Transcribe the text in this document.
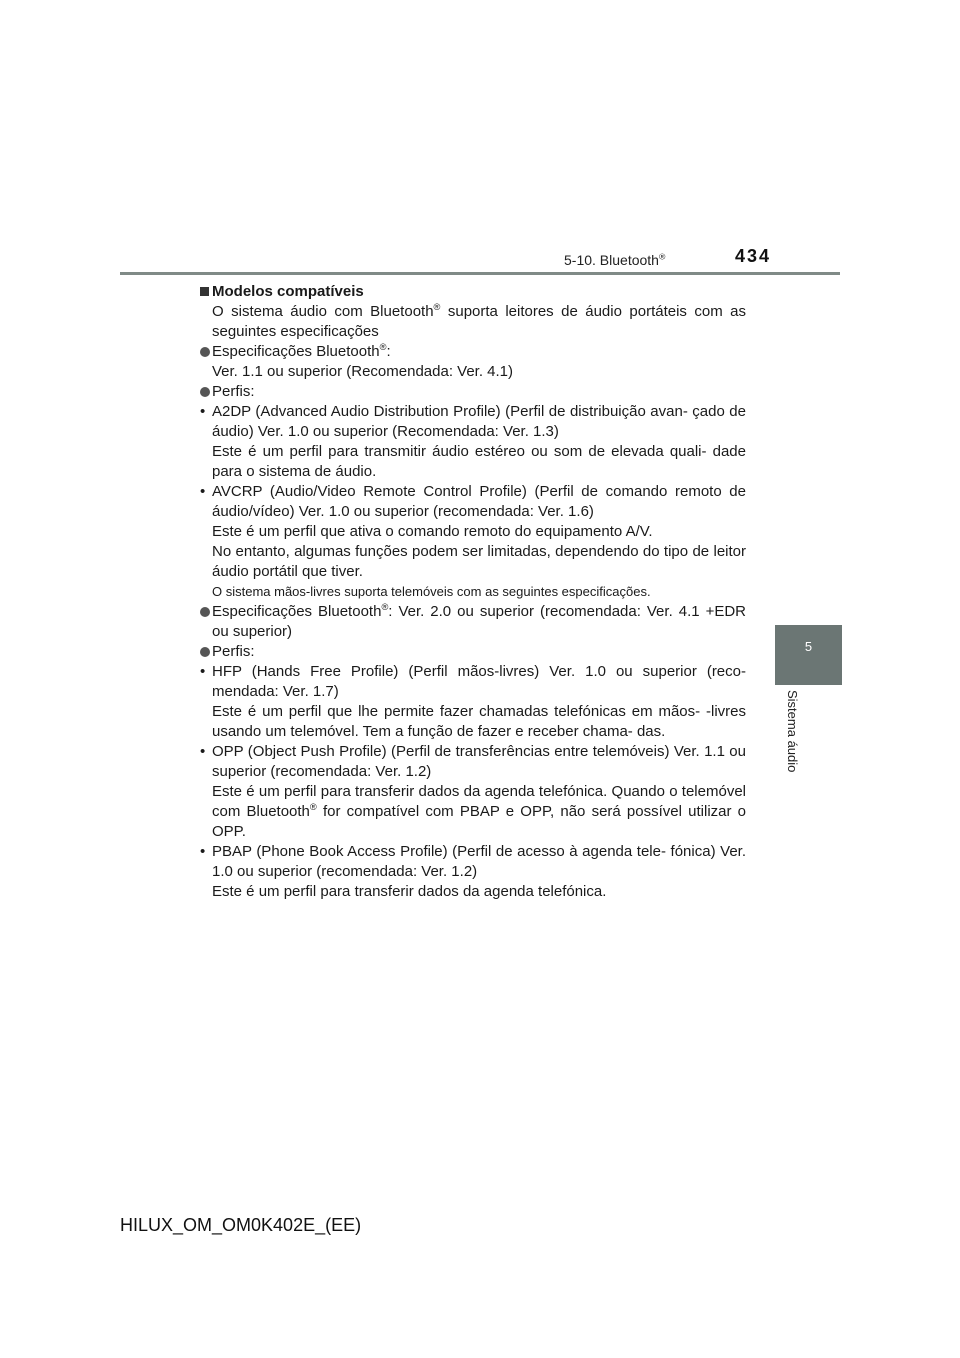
5-10. Bluetooth®	434
5
Sistema áudio

Modelos compatíveis

O sistema áudio com Bluetooth® suporta leitores de áudio portáteis com as seguintes especificações

Especificações Bluetooth®:
Ver. 1.1 ou superior (Recomendada: Ver. 4.1)

Perfis:

• A2DP (Advanced Audio Distribution Profile) (Perfil de distribuição avan- çado de áudio) Ver. 1.0 ou superior (Recomendada: Ver. 1.3)

Este é um perfil para transmitir áudio estéreo ou som de elevada quali- dade para o sistema de áudio.

• AVCRP (Audio/Video Remote Control Profile) (Perfil de comando remoto de áudio/vídeo) Ver. 1.0 ou superior (recomendada: Ver. 1.6)

Este é um perfil que ativa o comando remoto do equipamento A/V.

No entanto, algumas funções podem ser limitadas, dependendo do tipo de leitor áudio portátil que tiver.

O sistema mãos-livres suporta telemóveis com as seguintes especificações.

Especificações Bluetooth®: Ver. 2.0 ou superior (recomendada: Ver. 4.1 +EDR ou superior)

Perfis:

• HFP (Hands Free Profile) (Perfil mãos-livres) Ver. 1.0 ou superior (reco- mendada: Ver. 1.7)

Este é um perfil que lhe permite fazer chamadas telefónicas em mãos- -livres usando um telemóvel. Tem a função de fazer e receber chama- das.

• OPP (Object Push Profile) (Perfil de transferências entre telemóveis) Ver. 1.1 ou superior (recomendada: Ver. 1.2)

Este é um perfil para transferir dados da agenda telefónica. Quando o telemóvel com Bluetooth® for compatível com PBAP e OPP, não será possível utilizar o OPP.

• PBAP (Phone Book Access Profile) (Perfil de acesso à agenda tele- fónica) Ver. 1.0 ou superior (recomendada: Ver. 1.2)

Este é um perfil para transferir dados da agenda telefónica.

HILUX_OM_OM0K402E_(EE)
